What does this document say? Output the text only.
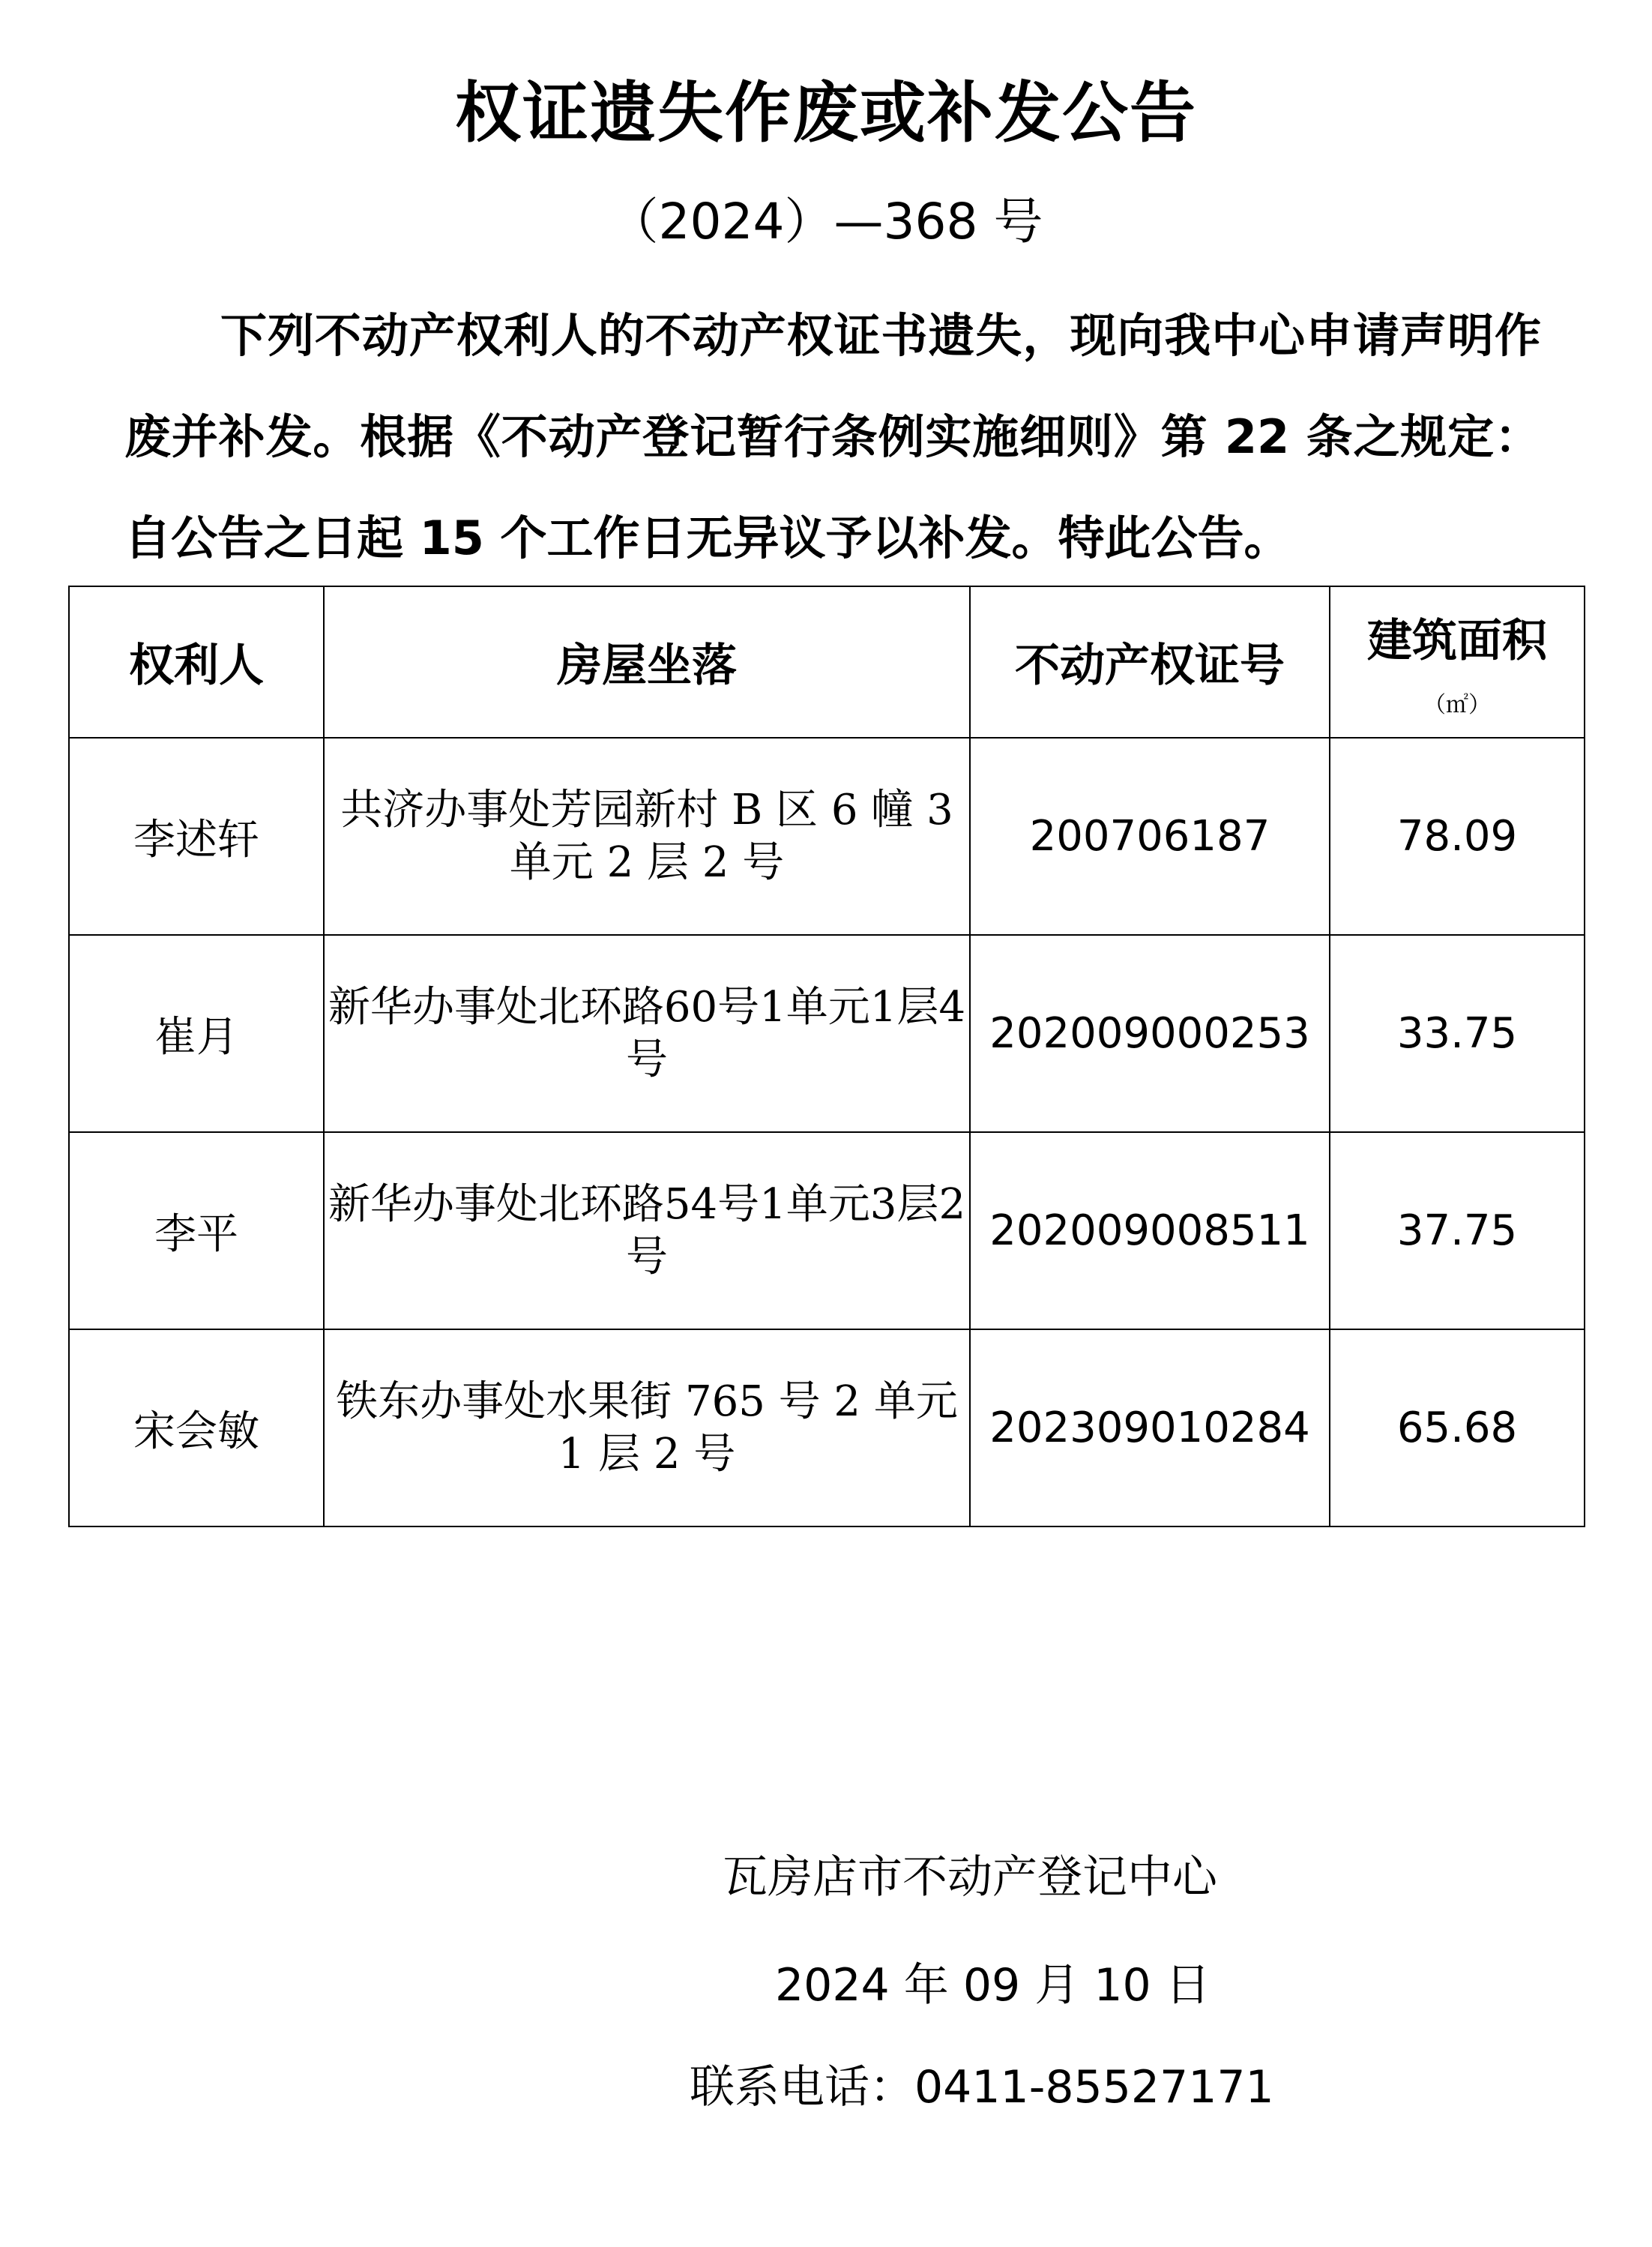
权证遗失作废或补发公告
（2024）—368 号
下列不动产权利人的不动产权证书遗失，现向我中心申请声明作废并补发。根据《不动产登记暂行条例实施细则》第 22 条之规定：自公告之日起 15 个工作日无异议予以补发。特此公告。
权利人	房屋坐落	不动产权证号	建筑面积
（㎡）

李述轩	共济办事处芳园新村 B 区 6 幢 3 单元 2 层 2 号	200706187	78.09
崔月	新华办事处北环路60号1单元1层4号	202009000253	33.75
李平	新华办事处北环路54号1单元3层2号	202009008511	37.75
宋会敏	铁东办事处水果街 765 号 2 单元 1 层 2 号	202309010284	65.68
瓦房店市不动产登记中心
2024 年 09 月 10 日
联系电话：0411-85527171
